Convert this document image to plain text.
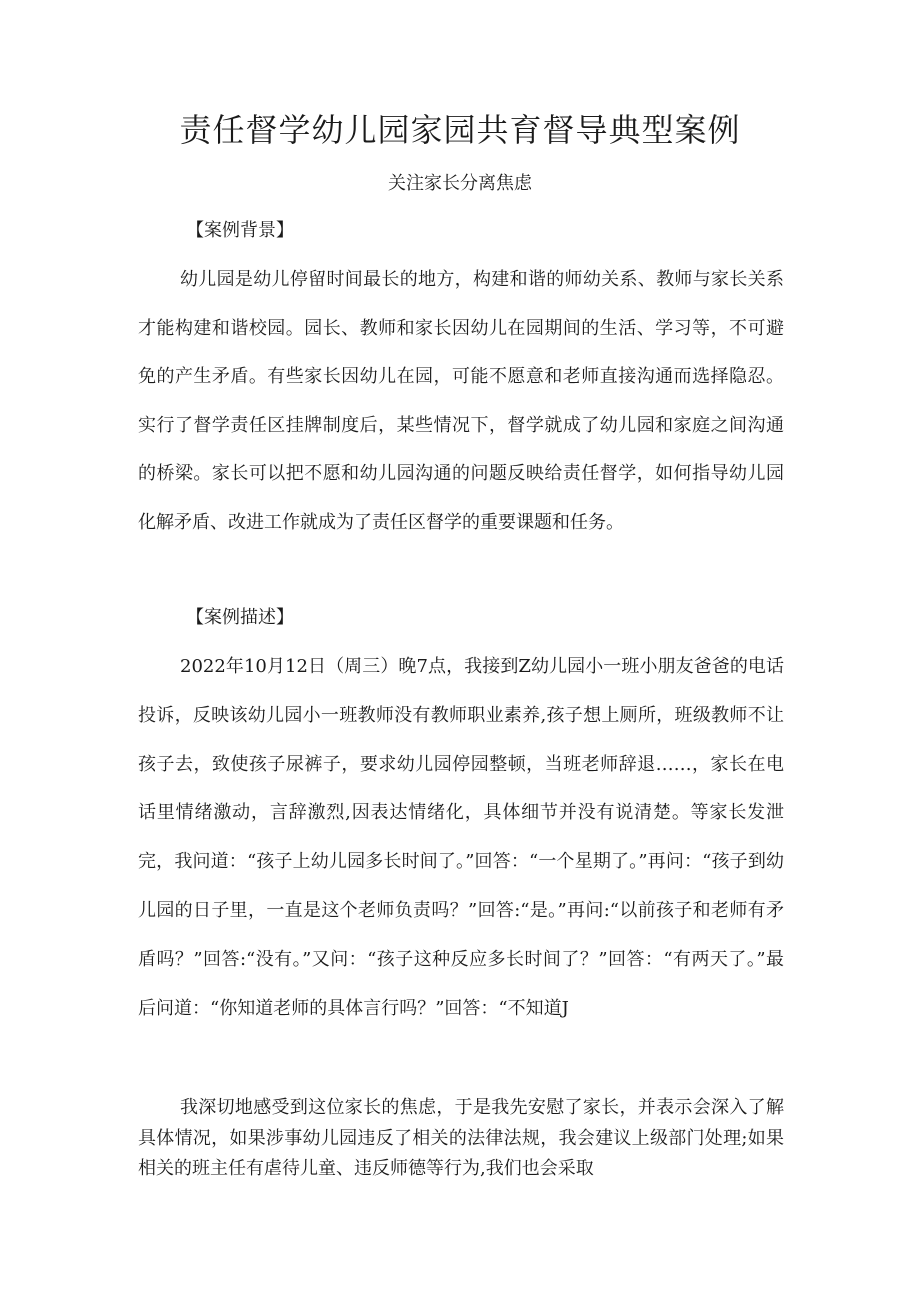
责任督学幼儿园家园共育督导典型案例
关注家长分离焦虑
【案例背景】

幼儿园是幼儿停留时间最长的地方，构建和谐的师幼关系、教师与家长关系才能构建和谐校园。园长、教师和家长因幼儿在园期间的生活、学习等，不可避免的产生矛盾。有些家长因幼儿在园，可能不愿意和老师直接沟通而选择隐忍。实行了督学责任区挂牌制度后，某些情况下，督学就成了幼儿园和家庭之间沟通的桥梁。家长可以把不愿和幼儿园沟通的问题反映给责任督学，如何指导幼儿园化解矛盾、改进工作就成为了责任区督学的重要课题和任务。

【案例描述】

2022年10月12日（周三）晚7点，我接到Z幼儿园小一班小朋友爸爸的电话投诉，反映该幼儿园小一班教师没有教师职业素养,孩子想上厕所，班级教师不让孩子去，致使孩子尿裤子，要求幼儿园停园整顿，当班老师辞退……，家长在电话里情绪激动，言辞激烈,因表达情绪化，具体细节并没有说清楚。等家长发泄完，我问道：“孩子上幼儿园多长时间了。”回答：“一个星期了。”再问：“孩子到幼儿园的日子里，一直是这个老师负责吗？”回答:“是。”再问:“以前孩子和老师有矛盾吗？”回答:“没有。”又问：“孩子这种反应多长时间了？”回答：“有两天了。”最后问道：“你知道老师的具体言行吗？”回答：“不知道J

我深切地感受到这位家长的焦虑，于是我先安慰了家长，并表示会深入了解具体情况，如果涉事幼儿园违反了相关的法律法规，我会建议上级部门处理;如果相关的班主任有虐待儿童、违反师德等行为,我们也会采取
